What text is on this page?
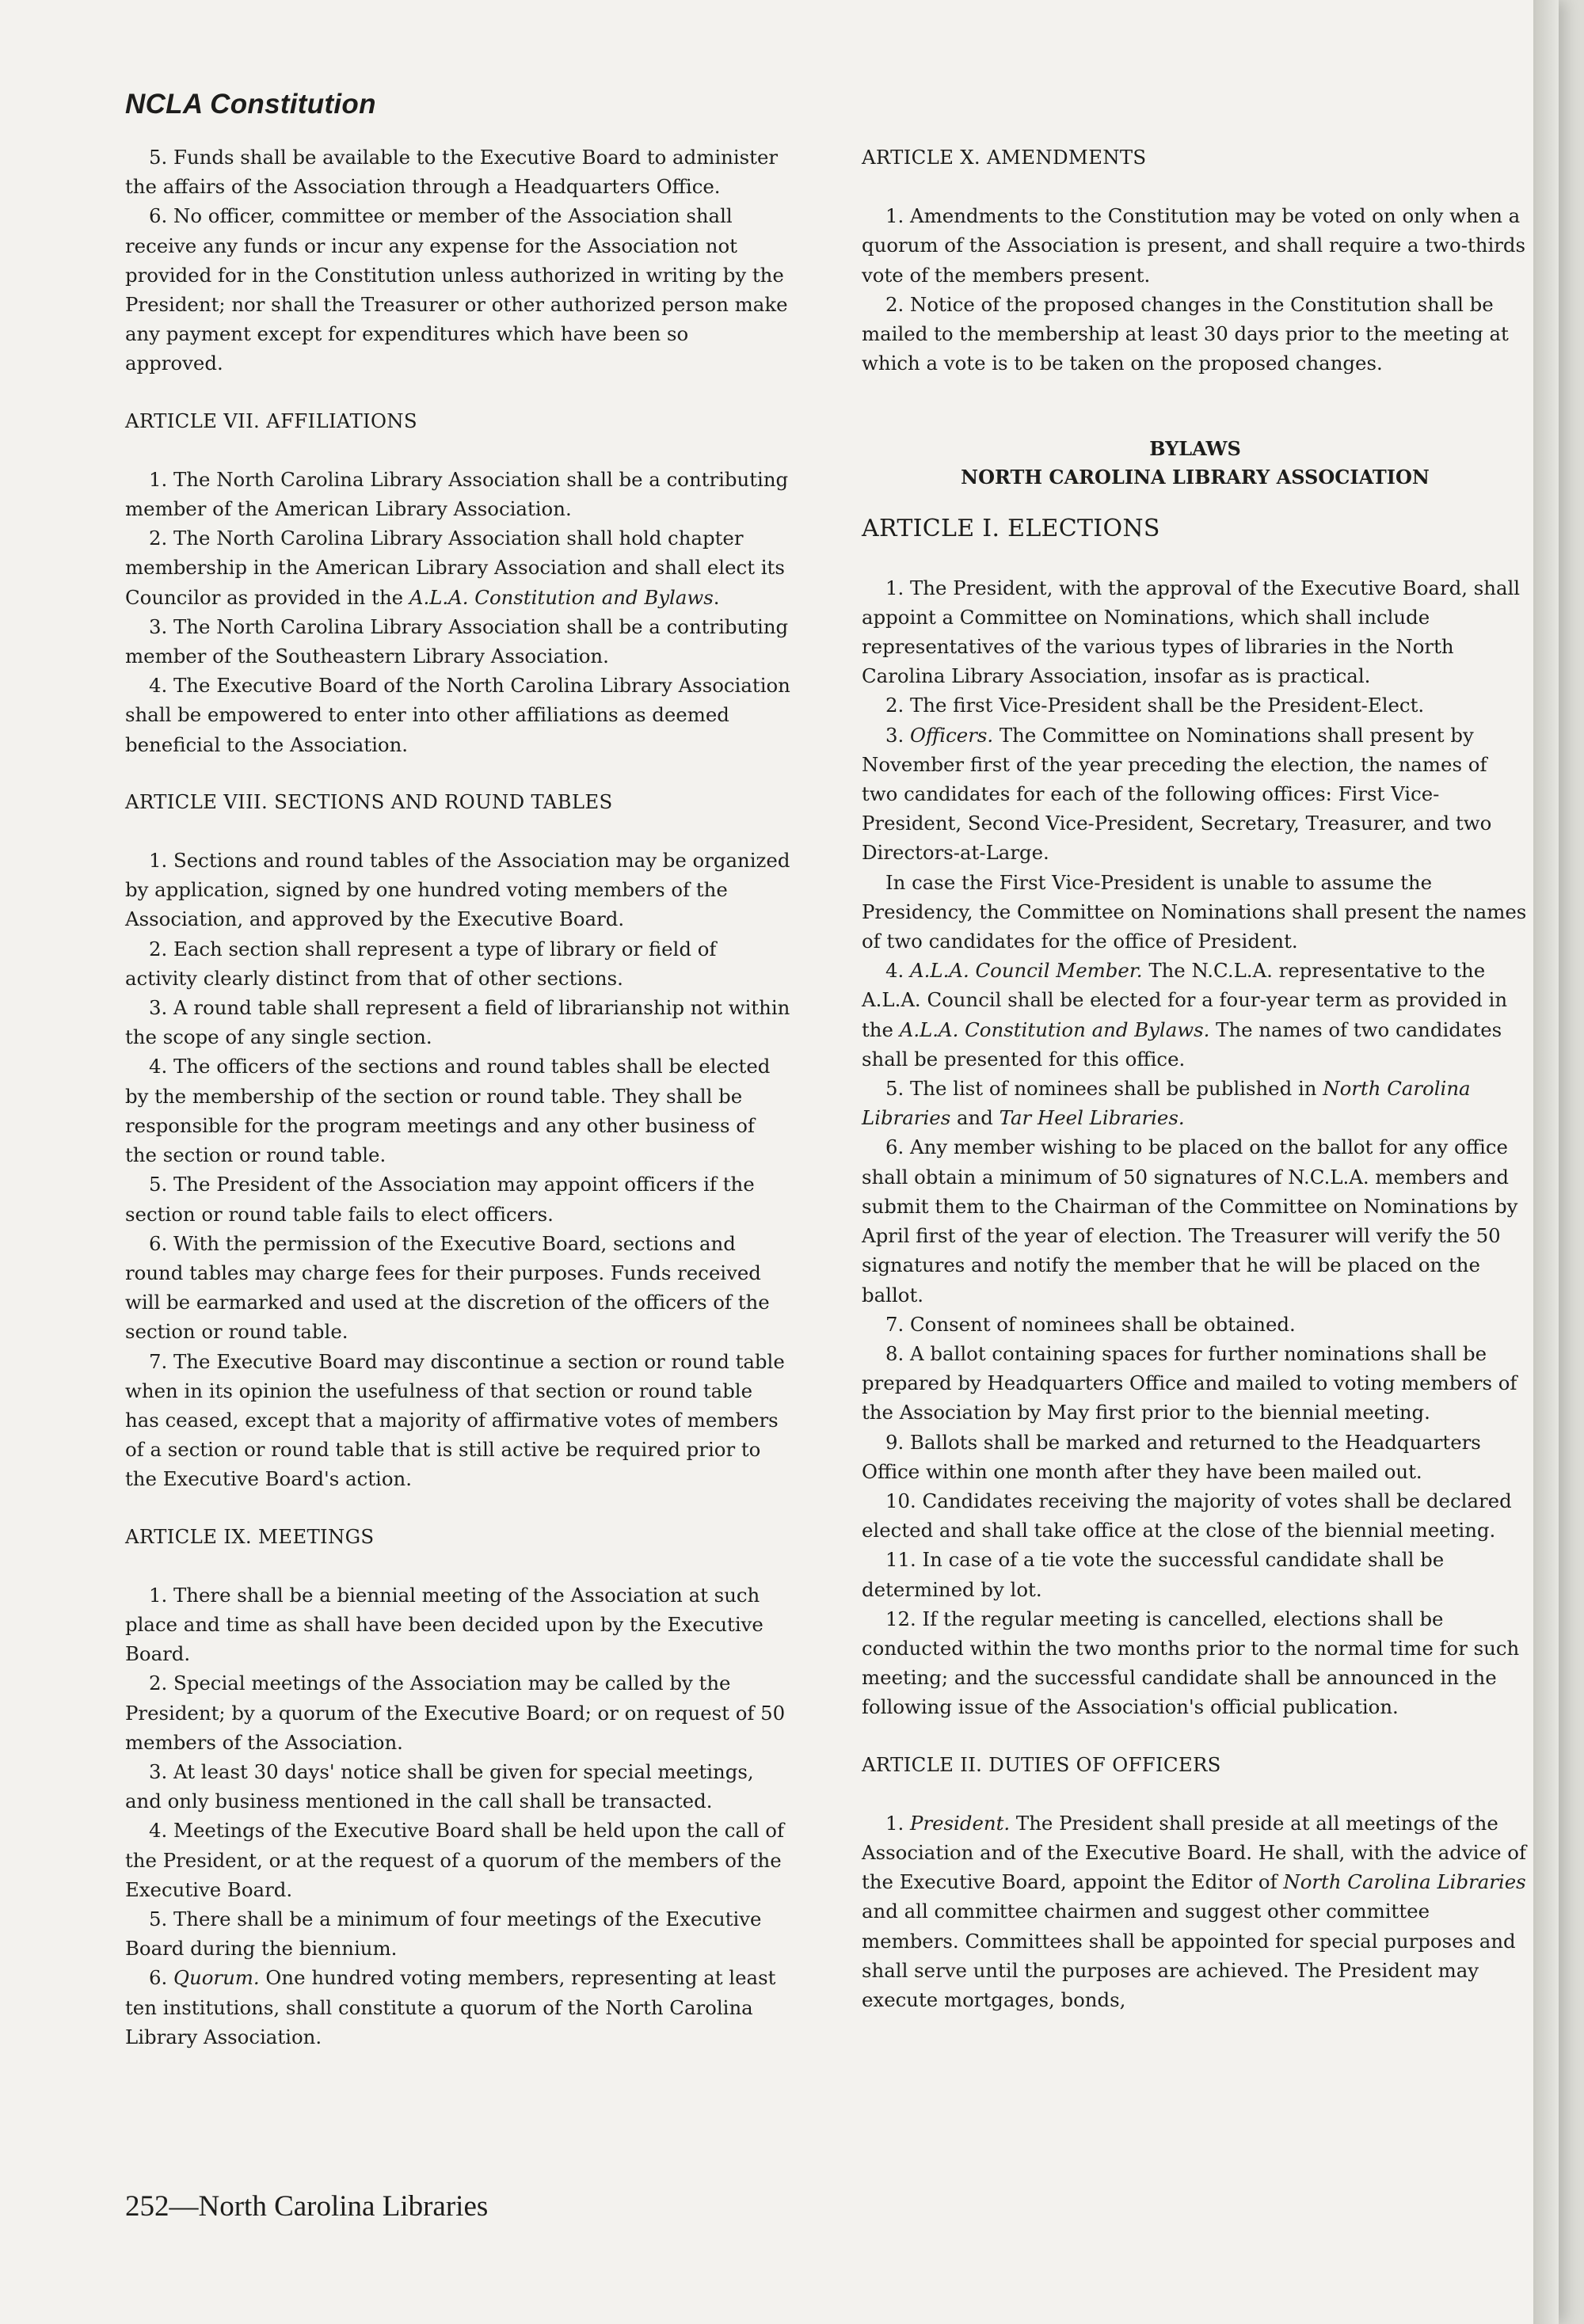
NCLA Constitution

5. Funds shall be available to the Executive Board to administer the affairs of the Association through a Headquarters Office.

6. No officer, committee or member of the Association shall receive any funds or incur any expense for the Association not provided for in the Constitution unless authorized in writing by the President; nor shall the Treasurer or other authorized person make any payment except for expenditures which have been so approved.

ARTICLE VII. AFFILIATIONS

1. The North Carolina Library Association shall be a contributing member of the American Library Association.

2. The North Carolina Library Association shall hold chapter membership in the American Library Association and shall elect its Councilor as provided in the A.L.A. Constitution and Bylaws.

3. The North Carolina Library Association shall be a contributing member of the Southeastern Library Association.

4. The Executive Board of the North Carolina Library Association shall be empowered to enter into other affiliations as deemed beneficial to the Association.

ARTICLE VIII. SECTIONS AND ROUND TABLES

1. Sections and round tables of the Association may be organized by application, signed by one hundred voting members of the Association, and approved by the Executive Board.

2. Each section shall represent a type of library or field of activity clearly distinct from that of other sections.

3. A round table shall represent a field of librarianship not within the scope of any single section.

4. The officers of the sections and round tables shall be elected by the membership of the section or round table. They shall be responsible for the program meetings and any other business of the section or round table.

5. The President of the Association may appoint officers if the section or round table fails to elect officers.

6. With the permission of the Executive Board, sections and round tables may charge fees for their purposes. Funds received will be earmarked and used at the discretion of the officers of the section or round table.

7. The Executive Board may discontinue a section or round table when in its opinion the usefulness of that section or round table has ceased, except that a majority of affirmative votes of members of a section or round table that is still active be required prior to the Executive Board's action.

ARTICLE IX. MEETINGS

1. There shall be a biennial meeting of the Association at such place and time as shall have been decided upon by the Executive Board.

2. Special meetings of the Association may be called by the President; by a quorum of the Executive Board; or on request of 50 members of the Association.

3. At least 30 days' notice shall be given for special meetings, and only business mentioned in the call shall be transacted.

4. Meetings of the Executive Board shall be held upon the call of the President, or at the request of a quorum of the members of the Executive Board.

5. There shall be a minimum of four meetings of the Executive Board during the biennium.

6. Quorum. One hundred voting members, representing at least ten institutions, shall constitute a quorum of the North Carolina Library Association.

ARTICLE X. AMENDMENTS

1. Amendments to the Constitution may be voted on only when a quorum of the Association is present, and shall require a two-thirds vote of the members present.

2. Notice of the proposed changes in the Constitution shall be mailed to the membership at least 30 days prior to the meeting at which a vote is to be taken on the proposed changes.

BYLAWS
NORTH CAROLINA LIBRARY ASSOCIATION
ARTICLE I. ELECTIONS

1. The President, with the approval of the Executive Board, shall appoint a Committee on Nominations, which shall include representatives of the various types of libraries in the North Carolina Library Association, insofar as is practical.

2. The first Vice-President shall be the President-Elect.

3. Officers. The Committee on Nominations shall present by November first of the year preceding the election, the names of two candidates for each of the following offices: First Vice-President, Second Vice-President, Secretary, Treasurer, and two Directors-at-Large.

In case the First Vice-President is unable to assume the Presidency, the Committee on Nominations shall present the names of two candidates for the office of President.

4. A.L.A. Council Member. The N.C.L.A. representative to the A.L.A. Council shall be elected for a four-year term as provided in the A.L.A. Constitution and Bylaws. The names of two candidates shall be presented for this office.

5. The list of nominees shall be published in North Carolina Libraries and Tar Heel Libraries.

6. Any member wishing to be placed on the ballot for any office shall obtain a minimum of 50 signatures of N.C.L.A. members and submit them to the Chairman of the Committee on Nominations by April first of the year of election. The Treasurer will verify the 50 signatures and notify the member that he will be placed on the ballot.

7. Consent of nominees shall be obtained.

8. A ballot containing spaces for further nominations shall be prepared by Headquarters Office and mailed to voting members of the Association by May first prior to the biennial meeting.

9. Ballots shall be marked and returned to the Headquarters Office within one month after they have been mailed out.

10. Candidates receiving the majority of votes shall be declared elected and shall take office at the close of the biennial meeting.

11. In case of a tie vote the successful candidate shall be determined by lot.

12. If the regular meeting is cancelled, elections shall be conducted within the two months prior to the normal time for such meeting; and the successful candidate shall be announced in the following issue of the Association's official publication.

ARTICLE II. DUTIES OF OFFICERS

1. President. The President shall preside at all meetings of the Association and of the Executive Board. He shall, with the advice of the Executive Board, appoint the Editor of North Carolina Libraries and all committee chairmen and suggest other committee members. Committees shall be appointed for special purposes and shall serve until the purposes are achieved. The President may execute mortgages, bonds,

252—North Carolina Libraries
